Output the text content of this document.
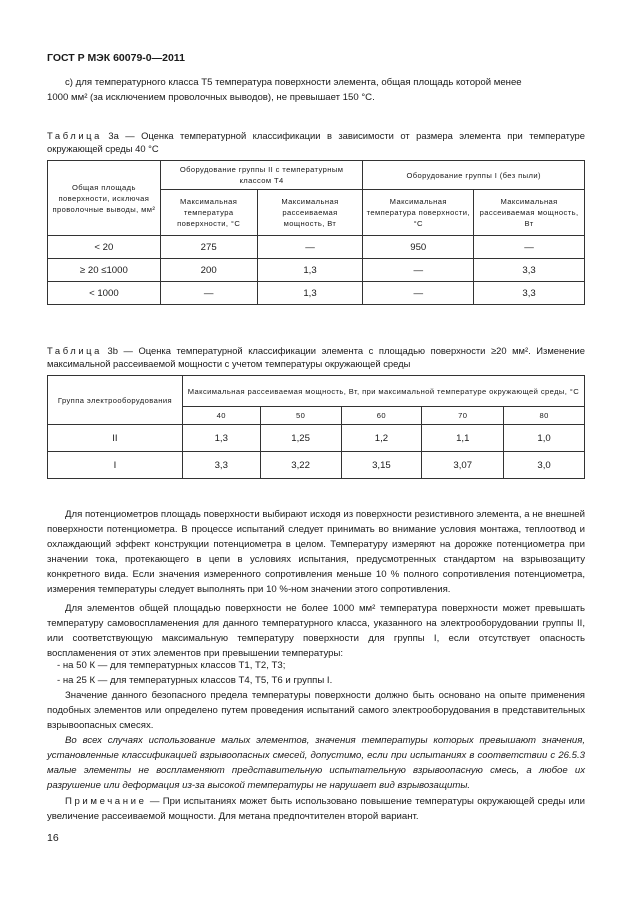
ГОСТ Р МЭК 60079-0—2011
с) для температурного класса Т5 температура поверхности элемента, общая площадь которой менее
1000 мм² (за исключением проволочных выводов), не превышает 150 °С.
Таблица 3а — Оценка температурной классификации в зависимости от размера элемента при температуре окружающей среды 40 °С
Общая площадь поверхности, исключая проволочные выводы, мм²	Оборудование группы II с температурным классом Т4		Оборудование группы I (без пыли)	
	Максимальная температура поверхности, °С	Максимальная рассеиваемая мощность, Вт	Максимальная температура поверхности, °С	Максимальная рассеиваемая мощность, Вт
< 20	275	—	950	—
≥ 20 ≤1000	200	1,3	—	3,3
< 1000	—	1,3	—	3,3
Таблица 3b — Оценка температурной классификации элемента с площадью поверхности ≥20 мм². Изменение максимальной рассеиваемой мощности с учетом температуры окружающей среды
Группа электрооборудования	Максимальная рассеиваемая мощность, Вт, при максимальной температуре окружающей среды, °С				
	40	50	60	70	80
II	1,3	1,25	1,2	1,1	1,0
I	3,3	3,22	3,15	3,07	3,0
Для потенциометров площадь поверхности выбирают исходя из поверхности резистивного элемента, а не внешней поверхности потенциометра. В процессе испытаний следует принимать во внимание условия монтажа, теплоотвод и охлаждающий эффект конструкции потенциометра в целом. Температуру измеряют на дорожке потенциометра при значении тока, протекающего в цепи в условиях испытания, предусмотренных стандартом на взрывозащиту конкретного вида. Если значения измеренного сопротивления меньше 10 % полного сопротивления потенциометра, измерения температуры следует выполнять при 10 %-ном значении этого сопротивления.
Для элементов общей площадью поверхности не более 1000 мм² температура поверхности может превышать температуру самовоспламенения для данного температурного класса, указанного на электрооборудовании группы II, или соответствующую максимальную температуру поверхности для группы I, если отсутствует опасность воспламенения от этих элементов при превышении температуры:
- на 50 К — для температурных классов Т1, Т2, Т3;
- на 25 К — для температурных классов Т4, Т5, Т6 и группы I.
Значение данного безопасного предела температуры поверхности должно быть основано на опыте применения подобных элементов или определено путем проведения испытаний самого электрооборудования в представительных взрывоопасных смесях.
Во всех случаях использование малых элементов, значения температуры которых превышают значения, установленные классификацией взрывоопасных смесей, допустимо, если при испытаниях в соответствии с 26.5.3 малые элементы не воспламеняют представительную испытательную взрывоопасную смесь, а любое их разрушение или деформация из-за высокой температуры не нарушает вид взрывозащиты.
Примечание — При испытаниях может быть использовано повышение температуры окружающей среды или увеличение рассеиваемой мощности. Для метана предпочтителен второй вариант.
16
